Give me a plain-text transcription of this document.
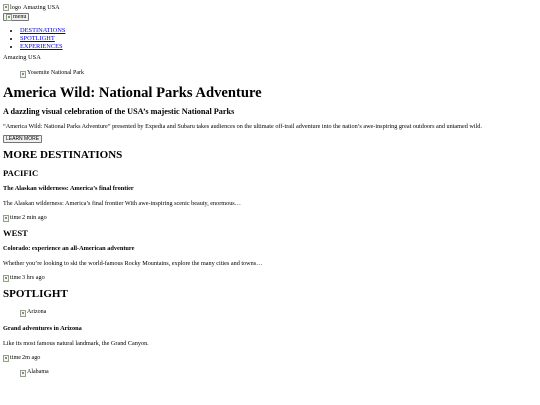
logo Amazing USA
menu
• DESTINATIONS
• SPOTLIGHT
• EXPERIENCES
Amazing USA
Yosemite National Park
America Wild: National Parks Adventure
A dazzling visual celebration of the USA’s majestic National Parks

“America Wild: National Parks Adventure” presented by Expedia and Subaru takes audiences on the ultimate off-trail adventure into the nation’s awe-inspiring great outdoors and untamed wild.

LEARN MORE
MORE DESTINATIONS
PACIFIC
The Alaskan wilderness: America’s final frontier

The Alaskan wilderness: America’s final frontier With awe-inspiring scenic beauty, enormous…

time 2 min ago
WEST
Colorado: experience an all-American adventure

Whether you’re looking to ski the world-famous Rocky Mountains, explore the many cities and towns…

time 3 hrs ago
SPOTLIGHT
Arizona
Grand adventures in Arizona

Like its most famous natural landmark, the Grand Canyon.

time 2m ago
Alabama
